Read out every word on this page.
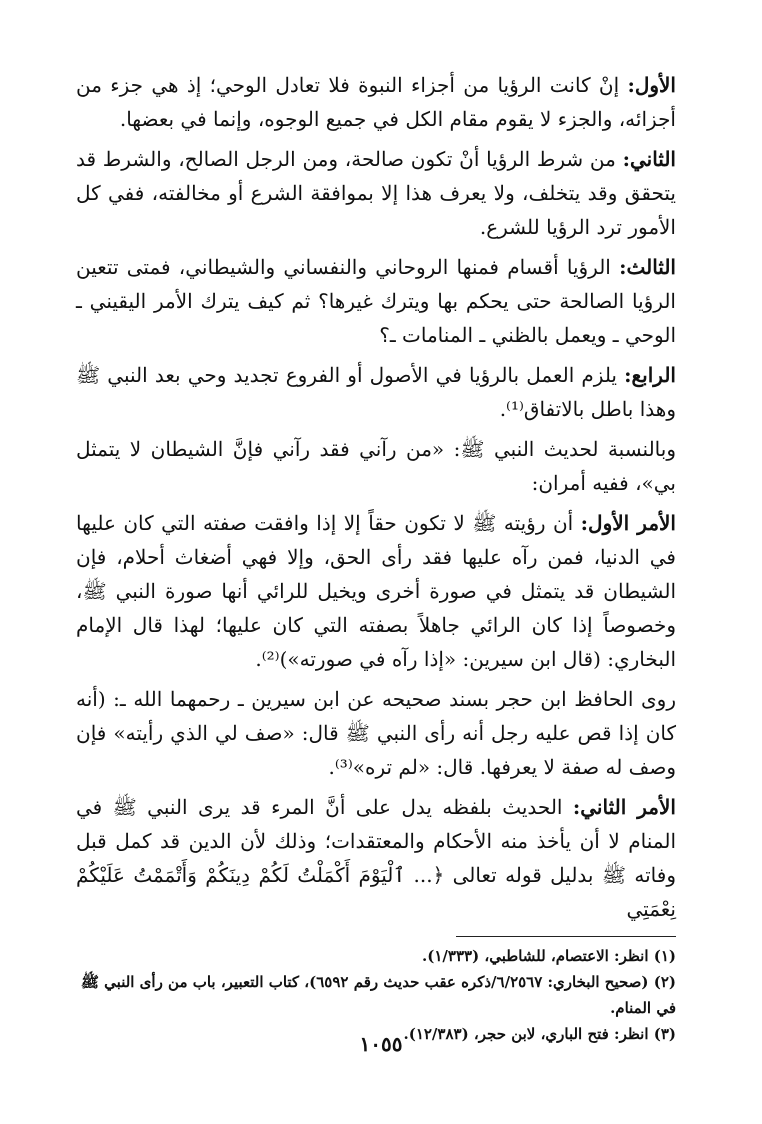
الأول: إنْ كانت الرؤيا من أجزاء النبوة فلا تعادل الوحي؛ إذ هي جزء من أجزائه، والجزء لا يقوم مقام الكل في جميع الوجوه، وإنما في بعضها.

الثاني: من شرط الرؤيا أنْ تكون صالحة، ومن الرجل الصالح، والشرط قد يتحقق وقد يتخلف، ولا يعرف هذا إلا بموافقة الشرع أو مخالفته، ففي كل الأمور ترد الرؤيا للشرع.

الثالث: الرؤيا أقسام فمنها الروحاني والنفساني والشيطاني، فمتى تتعين الرؤيا الصالحة حتى يحكم بها ويترك غيرها؟ ثم كيف يترك الأمر اليقيني ـ الوحي ـ ويعمل بالظني ـ المنامات ـ؟

الرابع: يلزم العمل بالرؤيا في الأصول أو الفروع تجديد وحي بعد النبي ﷺ وهذا باطل بالاتفاق⁽¹⁾.

وبالنسبة لحديث النبي ﷺ: «من رآني فقد رآني فإنَّ الشيطان لا يتمثل بي»، ففيه أمران:

الأمر الأول: أن رؤيته ﷺ لا تكون حقاً إلا إذا وافقت صفته التي كان عليها في الدنيا، فمن رآه عليها فقد رأى الحق، وإلا فهي أضغاث أحلام، فإن الشيطان قد يتمثل في صورة أخرى ويخيل للرائي أنها صورة النبي ﷺ، وخصوصاً إذا كان الرائي جاهلاً بصفته التي كان عليها؛ لهذا قال الإمام البخاري: (قال ابن سيرين: «إذا رآه في صورته»)⁽²⁾.

روى الحافظ ابن حجر بسند صحيحه عن ابن سيرين ـ رحمهما الله ـ: (أنه كان إذا قص عليه رجل أنه رأى النبي ﷺ قال: «صف لي الذي رأيته» فإن وصف له صفة لا يعرفها. قال: «لم تره»⁽³⁾.

الأمر الثاني: الحديث بلفظه يدل على أنَّ المرء قد يرى النبي ﷺ في المنام لا أن يأخذ منه الأحكام والمعتقدات؛ وذلك لأن الدين قد كمل قبل وفاته ﷺ بدليل قوله تعالى ﴿... ٱلْيَوْمَ أَكْمَلْتُ لَكُمْ دِينَكُمْ وَأَتْمَمْتُ عَلَيْكُمْ نِعْمَتِي

(١) انظر: الاعتصام، للشاطبي، (١/٣٣٣).

(٢) (صحيح البخاري: ٦/٢٥٦٧/ذكره عقب حديث رقم ٦٥٩٢)، كتاب التعبير، باب من رأى النبي ﷺ في المنام.

(٣) انظر: فتح الباري، لابن حجر، (١٢/٣٨٣).

١٠٥٥
